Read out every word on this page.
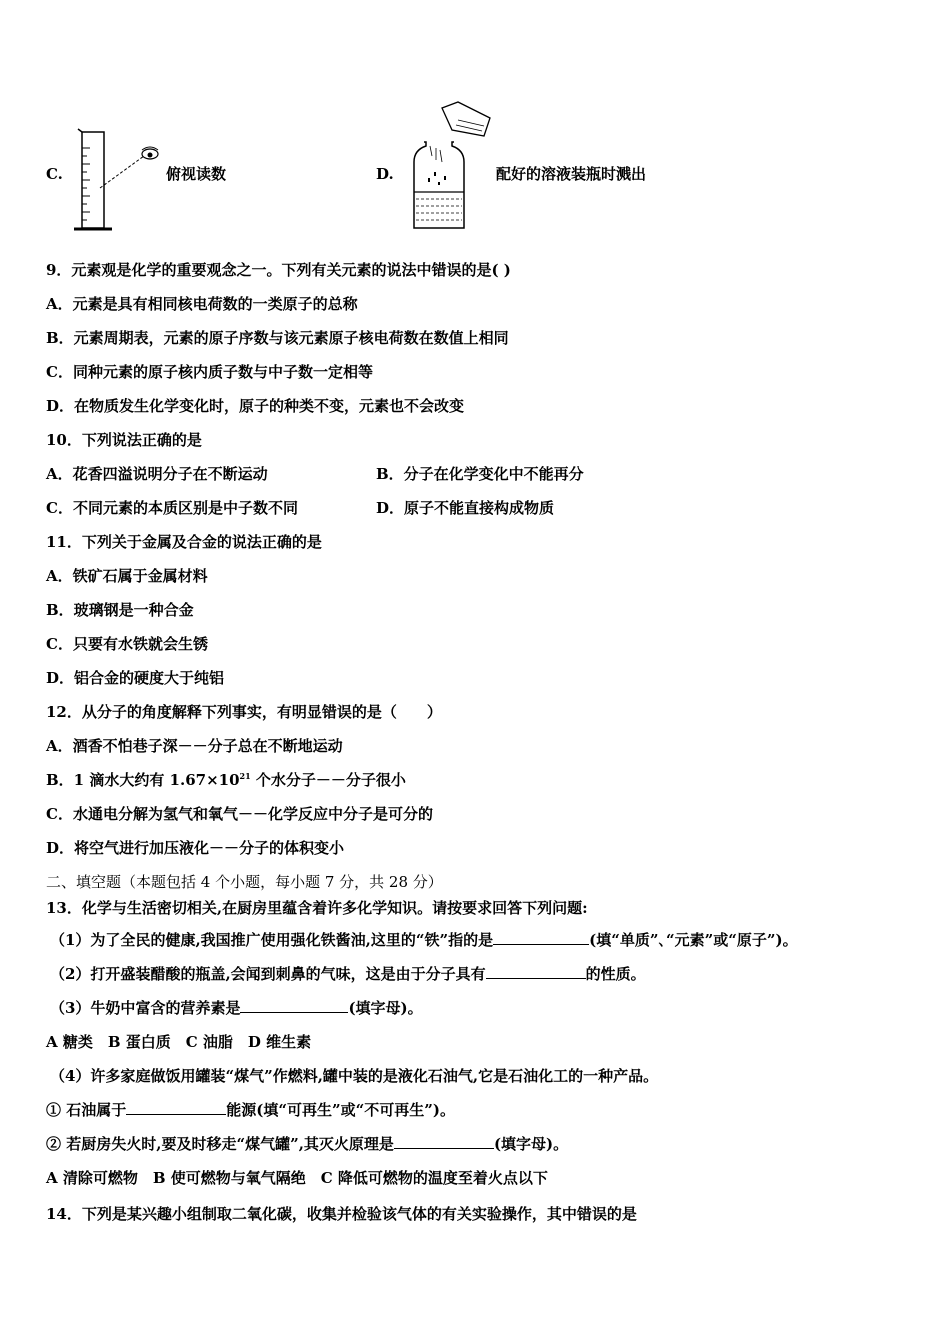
C.	俯视读数	D.	配好的溶液装瓶时溅出
9．元素观是化学的重要观念之一。下列有关元素的说法中错误的是( )
A．元素是具有相同核电荷数的一类原子的总称
B．元素周期表，元素的原子序数与该元素原子核电荷数在数值上相同
C．同种元素的原子核内质子数与中子数一定相等
D．在物质发生化学变化时，原子的种类不变，元素也不会改变
10．下列说法正确的是
A．花香四溢说明分子在不断运动	B．分子在化学变化中不能再分
C．不同元素的本质区别是中子数不同	D．原子不能直接构成物质
11．下列关于金属及合金的说法正确的是
A．铁矿石属于金属材料
B．玻璃钢是一种合金
C．只要有水铁就会生锈
D．铝合金的硬度大于纯铝
12．从分子的角度解释下列事实，有明显错误的是（　　）
A．酒香不怕巷子深－－分子总在不断地运动
B．1 滴水大约有 $1.67\times 10^{21}$ 个水分子－－分子很小
C．水通电分解为氢气和氧气－－化学反应中分子是可分的
D．将空气进行加压液化－－分子的体积变小
二、填空题（本题包括 4 个小题，每小题 7 分，共 28 分）
13．化学与生活密切相关,在厨房里蕴含着许多化学知识。请按要求回答下列问题:
（1）为了全民的健康,我国推广使用强化铁酱油,这里的“铁”指的是	(填“单质”､“元素”或“原子”)。
（2）打开盛装醋酸的瓶盖,会闻到刺鼻的气味，这是由于分子具有	的性质。
（3）牛奶中富含的营养素是	(填字母)。
A 糖类　B 蛋白质　C 油脂　D 维生素
（4）许多家庭做饭用罐装“煤气”作燃料,罐中装的是液化石油气,它是石油化工的一种产品。
① 石油属于	能源(填“可再生”或“不可再生”)。
② 若厨房失火时,要及时移走“煤气罐”,其灭火原理是	(填字母)。
A 清除可燃物　B 使可燃物与氧气隔绝　C 降低可燃物的温度至着火点以下
14．下列是某兴趣小组制取二氧化碳，收集并检验该气体的有关实验操作，其中错误的是
